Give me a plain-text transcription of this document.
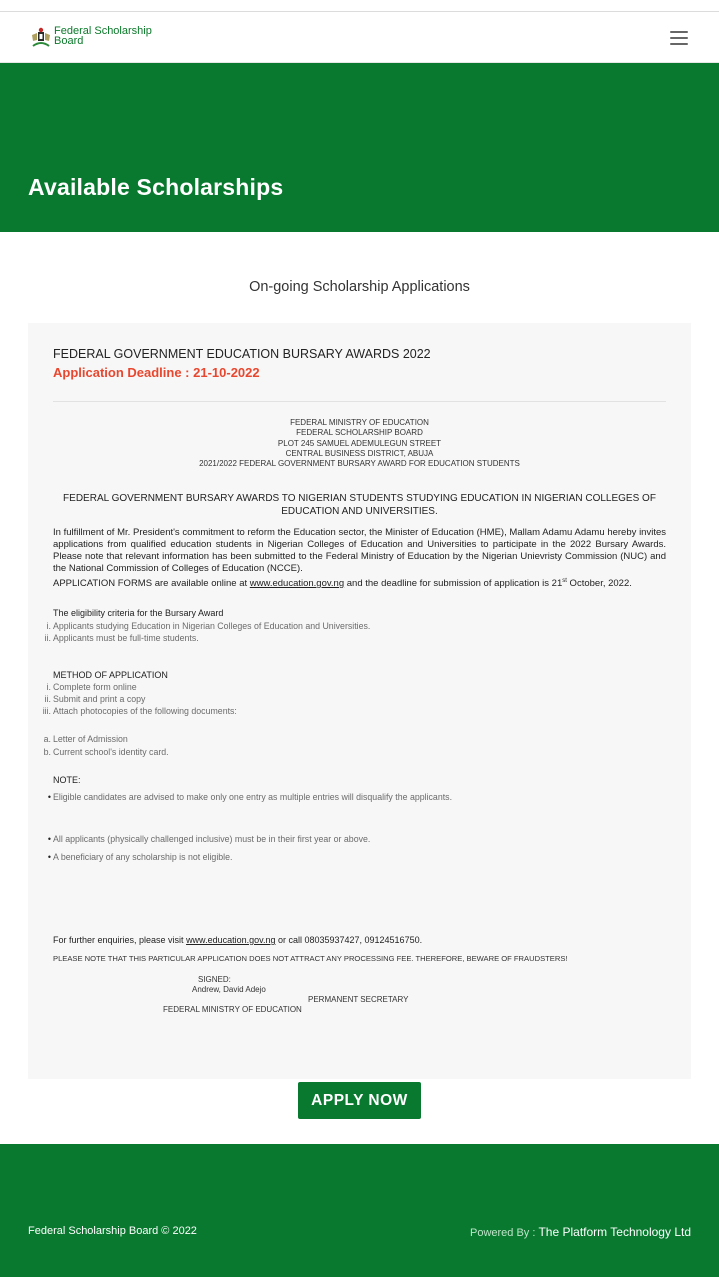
Federal Scholarship
Board
Available Scholarships
On-going Scholarship Applications
FEDERAL GOVERNMENT EDUCATION BURSARY AWARDS 2022
Application Deadline : 21-10-2022
FEDERAL MINISTRY OF EDUCATION
FEDERAL SCHOLARSHIP BOARD
PLOT 245 SAMUEL ADEMULEGUN STREET
CENTRAL BUSINESS DISTRICT, ABUJA
2021/2022 FEDERAL GOVERNMENT BURSARY AWARD FOR EDUCATION STUDENTS
FEDERAL GOVERNMENT BURSARY AWARDS TO NIGERIAN STUDENTS STUDYING EDUCATION IN NIGERIAN COLLEGES OF EDUCATION AND UNIVERSITIES.
In fulfillment of Mr. President's commitment to reform the Education sector, the Minister of Education (HME), Mallam Adamu Adamu hereby invites applications from qualified education students in Nigerian Colleges of Education and Universities to participate in the 2022 Bursary Awards. Please note that relevant information has been submitted to the Federal Ministry of Education by the Nigerian Unievristy Commission (NUC) and the National Commission of Colleges of Education (NCCE).
APPLICATION FORMS are available online at www.education.gov.ng and the deadline for submission of application is 21st October, 2022.
The eligibility criteria for the Bursary Award
i. Applicants studying Education in Nigerian Colleges of Education and Universities.
ii. Applicants must be full-time students.
METHOD OF APPLICATION
i. Complete form online
ii. Submit and print a copy
iii. Attach photocopies of the following documents:
a. Letter of Admission
b. Current school's identity card.
NOTE:
• Eligible candidates are advised to make only one entry as multiple entries will disqualify the applicants.
• All applicants (physically challenged inclusive) must be in their first year or above.
• A beneficiary of any scholarship is not eligible.
For further enquiries, please visit www.education.gov.ng or call 08035937427, 09124516750.
PLEASE NOTE THAT THIS PARTICULAR APPLICATION DOES NOT ATTRACT ANY PROCESSING FEE. THEREFORE, BEWARE OF FRAUDSTERS!
SIGNED:
Andrew, David Adejo
PERMANENT SECRETARY
FEDERAL MINISTRY OF EDUCATION
APPLY NOW
Federal Scholarship Board © 2022	Powered By : The Platform Technology Ltd
